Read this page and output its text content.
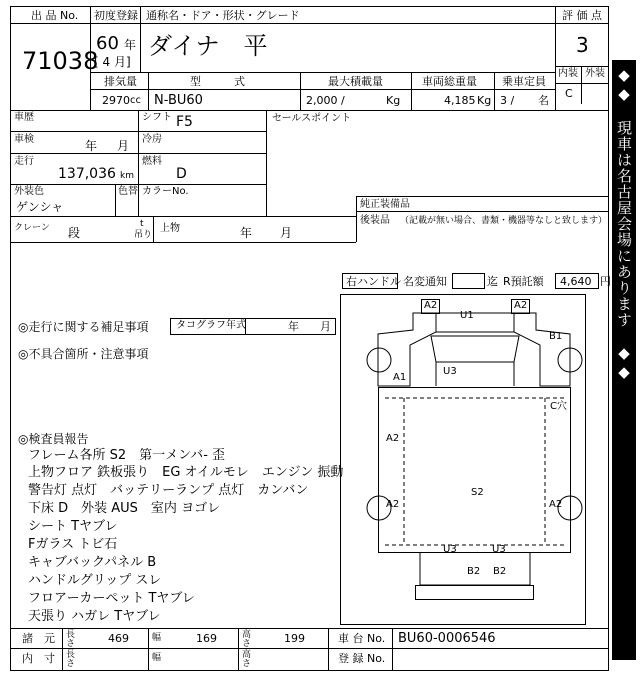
出 品 No.
71038
初度登録
60 年
[ 4 月]
通称名・ドア・形状・グレード
ダイナ　平
評 価 点
3
内装 外装
C
排気量
2970 cc
型　　　式
N-BU60
最大積載量
2,000 /	Kg
車両総重量
4,185 Kg
乗車定員
3 / 名
車歴	シフト F5
車検	年 月 冷房
走行
137,036 km
燃料
D
外装色
ゲンシャ
色替 カラーNo.
クレーン 段
t
吊り
上物	年 月
セールスポイント
純正装備品
後装品 （記載が無い場合、書類・機器等なしと致します）
右ハンドル 名変通知	迄 R預託額 4,640 円
◎走行に関する補足事項	タコグラフ年式	年 月
◎不具合箇所・注意事項
◎検査員報告
フレーム各所 S2　第一メンバ- 歪
上物フロア 鉄板張り　EG オイルモレ　エンジン 振動
警告灯 点灯　バッテリーランプ 点灯　カンバン
下床 D　外装 AUS　室内 ヨゴレ
シート Tヤブレ
Fガラス トビ石
キャブバックパネル B
ハンドルグリップ スレ
フロアーカーペット Tヤブレ
天張り ハガレ Tヤブレ
A2	A2
U1
B1
A1
U3
C穴
A2
A2	A2
S2
U3	U3
B2 B2
諸　元 長さ	469	幅	169	高さ	199
内　寸 長さ
幅	高さ
車 台 No. BU60-0006546
登 録 No.
◆◆　現車は名古屋会場にあります　◆◆
